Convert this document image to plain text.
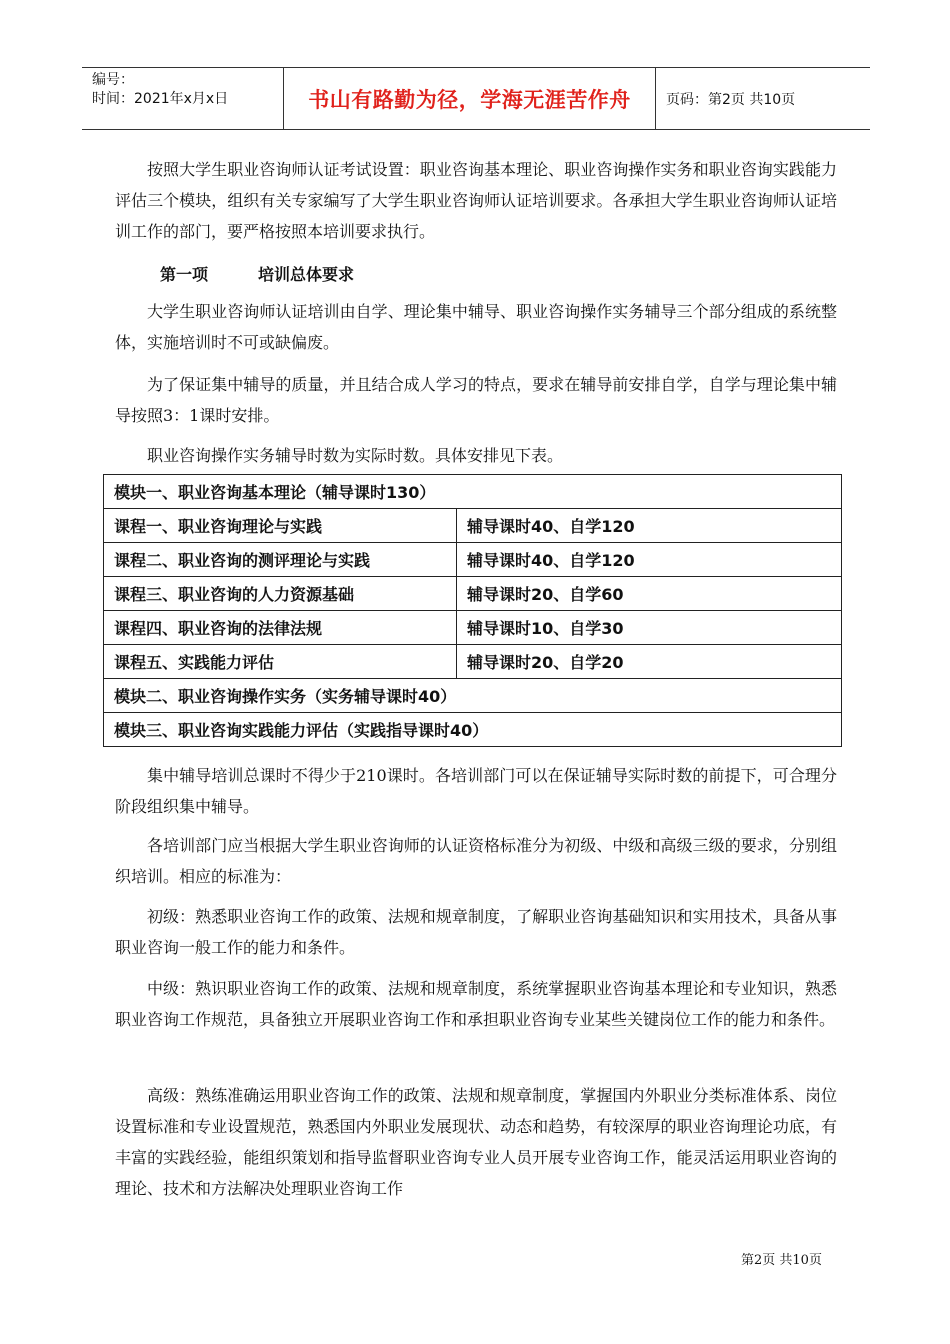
编号：
时间：2021年x月x日	书山有路勤为径，学海无涯苦作舟	页码：第2页 共10页

按照大学生职业咨询师认证考试设置：职业咨询基本理论、职业咨询操作实务和职业咨询实践能力评估三个模块，组织有关专家编写了大学生职业咨询师认证培训要求。各承担大学生职业咨询师认证培训工作的部门，要严格按照本培训要求执行。

第一项	培训总体要求

大学生职业咨询师认证培训由自学、理论集中辅导、职业咨询操作实务辅导三个部分组成的系统整体，实施培训时不可或缺偏废。

为了保证集中辅导的质量，并且结合成人学习的特点，要求在辅导前安排自学，自学与理论集中辅导按照3：1课时安排。

职业咨询操作实务辅导时数为实际时数。具体安排见下表。

模块一、职业咨询基本理论（辅导课时130）	
课程一、职业咨询理论与实践	辅导课时40、自学120
课程二、职业咨询的测评理论与实践	辅导课时40、自学120
课程三、职业咨询的人力资源基础	辅导课时20、自学60
课程四、职业咨询的法律法规	辅导课时10、自学30
课程五、实践能力评估	辅导课时20、自学20
模块二、职业咨询操作实务（实务辅导课时40）	
模块三、职业咨询实践能力评估（实践指导课时40）	

集中辅导培训总课时不得少于210课时。各培训部门可以在保证辅导实际时数的前提下，可合理分阶段组织集中辅导。

各培训部门应当根据大学生职业咨询师的认证资格标准分为初级、中级和高级三级的要求，分别组织培训。相应的标准为：

初级：熟悉职业咨询工作的政策、法规和规章制度，了解职业咨询基础知识和实用技术，具备从事职业咨询一般工作的能力和条件。

中级：熟识职业咨询工作的政策、法规和规章制度，系统掌握职业咨询基本理论和专业知识，熟悉职业咨询工作规范，具备独立开展职业咨询工作和承担职业咨询专业某些关键岗位工作的能力和条件。

高级：熟练准确运用职业咨询工作的政策、法规和规章制度，掌握国内外职业分类标准体系、岗位设置标准和专业设置规范，熟悉国内外职业发展现状、动态和趋势，有较深厚的职业咨询理论功底，有丰富的实践经验，能组织策划和指导监督职业咨询专业人员开展专业咨询工作，能灵活运用职业咨询的理论、技术和方法解决处理职业咨询工作

第2页 共10页
